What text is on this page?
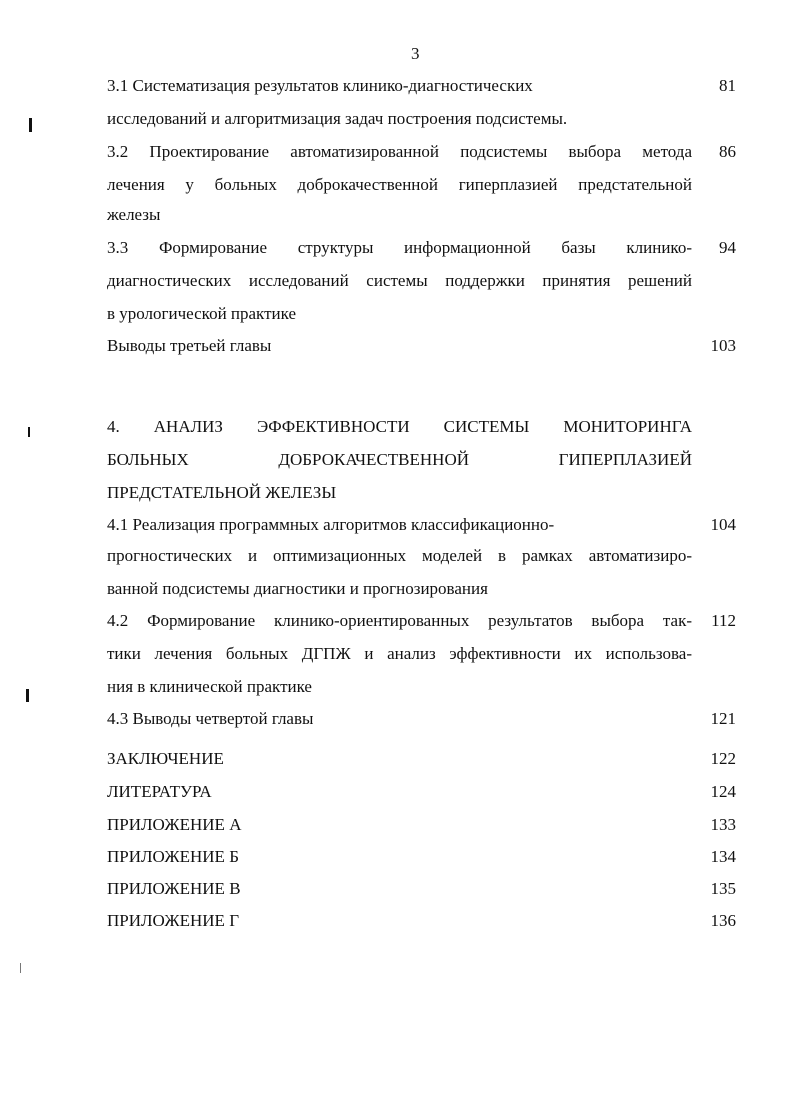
3
3.1 Систематизация результатов клинико-диагностических	81
исследований и алгоритмизация задач построения подсистемы.
3.2 Проектирование автоматизированной подсистемы выбора метода	86
лечения у больных доброкачественной гиперплазией предстательной
железы
3.3 Формирование структуры информационной базы клинико-	94
диагностических исследований системы поддержки принятия решений
в урологической практике
Выводы третьей главы	103
4. АНАЛИЗ ЭФФЕКТИВНОСТИ СИСТЕМЫ МОНИТОРИНГА
БОЛЬНЫХ ДОБРОКАЧЕСТВЕННОЙ ГИПЕРПЛАЗИЕЙ
ПРЕДСТАТЕЛЬНОЙ ЖЕЛЕЗЫ
4.1 Реализация программных алгоритмов классификационно-	104
прогностических и оптимизационных моделей в рамках автоматизиро-
ванной подсистемы диагностики и прогнозирования
4.2 Формирование клинико-ориентированных результатов выбора так-	112
тики лечения больных ДГПЖ и анализ эффективности их использова-
ния в клинической практике
4.3 Выводы четвертой главы	121
ЗАКЛЮЧЕНИЕ	122
ЛИТЕРАТУРА	124
ПРИЛОЖЕНИЕ А	133
ПРИЛОЖЕНИЕ Б	134
ПРИЛОЖЕНИЕ В	135
ПРИЛОЖЕНИЕ Г	136
